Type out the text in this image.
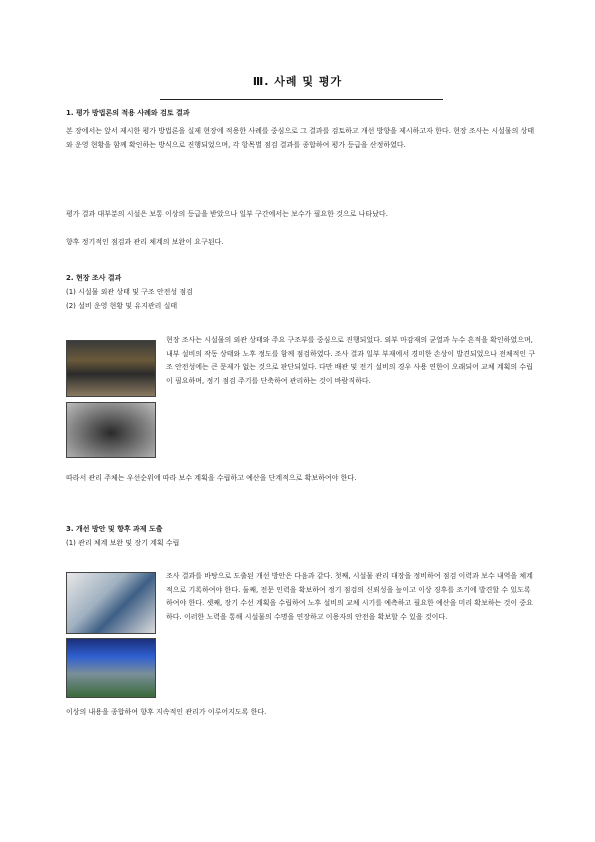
Ⅲ. 사례 및 평가
1. 평가 방법론의 적용 사례와 검토 결과
본 장에서는 앞서 제시한 평가 방법론을 실제 현장에 적용한 사례를 중심으로 그 결과를 검토하고 개선 방향을 제시하고자 한다. 현장 조사는 시설물의 상태와 운영 현황을 함께 확인하는 방식으로 진행되었으며, 각 항목별 점검 결과를 종합하여 평가 등급을 산정하였다.
평가 결과 대부분의 시설은 보통 이상의 등급을 받았으나 일부 구간에서는 보수가 필요한 것으로 나타났다.
향후 정기적인 점검과 관리 체계의 보완이 요구된다.
2. 현장 조사 결과
(1) 시설물 외관 상태 및 구조 안전성 점검
(2) 설비 운영 현황 및 유지관리 실태
현장 조사는 시설물의 외관 상태와 주요 구조부를 중심으로 진행되었다. 외부 마감재의 균열과 누수 흔적을 확인하였으며, 내부 설비의 작동 상태와 노후 정도를 함께 점검하였다. 조사 결과 일부 부재에서 경미한 손상이 발견되었으나 전체적인 구조 안전성에는 큰 문제가 없는 것으로 판단되었다. 다만 배관 및 전기 설비의 경우 사용 연한이 오래되어 교체 계획의 수립이 필요하며, 정기 점검 주기를 단축하여 관리하는 것이 바람직하다.
따라서 관리 주체는 우선순위에 따라 보수 계획을 수립하고 예산을 단계적으로 확보하여야 한다.
3. 개선 방안 및 향후 과제 도출
(1) 관리 체계 보완 및 장기 계획 수립
조사 결과를 바탕으로 도출된 개선 방안은 다음과 같다. 첫째, 시설물 관리 대장을 정비하여 점검 이력과 보수 내역을 체계적으로 기록하여야 한다. 둘째, 전문 인력을 확보하여 정기 점검의 신뢰성을 높이고 이상 징후를 조기에 발견할 수 있도록 하여야 한다. 셋째, 장기 수선 계획을 수립하여 노후 설비의 교체 시기를 예측하고 필요한 예산을 미리 확보하는 것이 중요하다. 이러한 노력을 통해 시설물의 수명을 연장하고 이용자의 안전을 확보할 수 있을 것이다.
이상의 내용을 종합하여 향후 지속적인 관리가 이루어지도록 한다.
